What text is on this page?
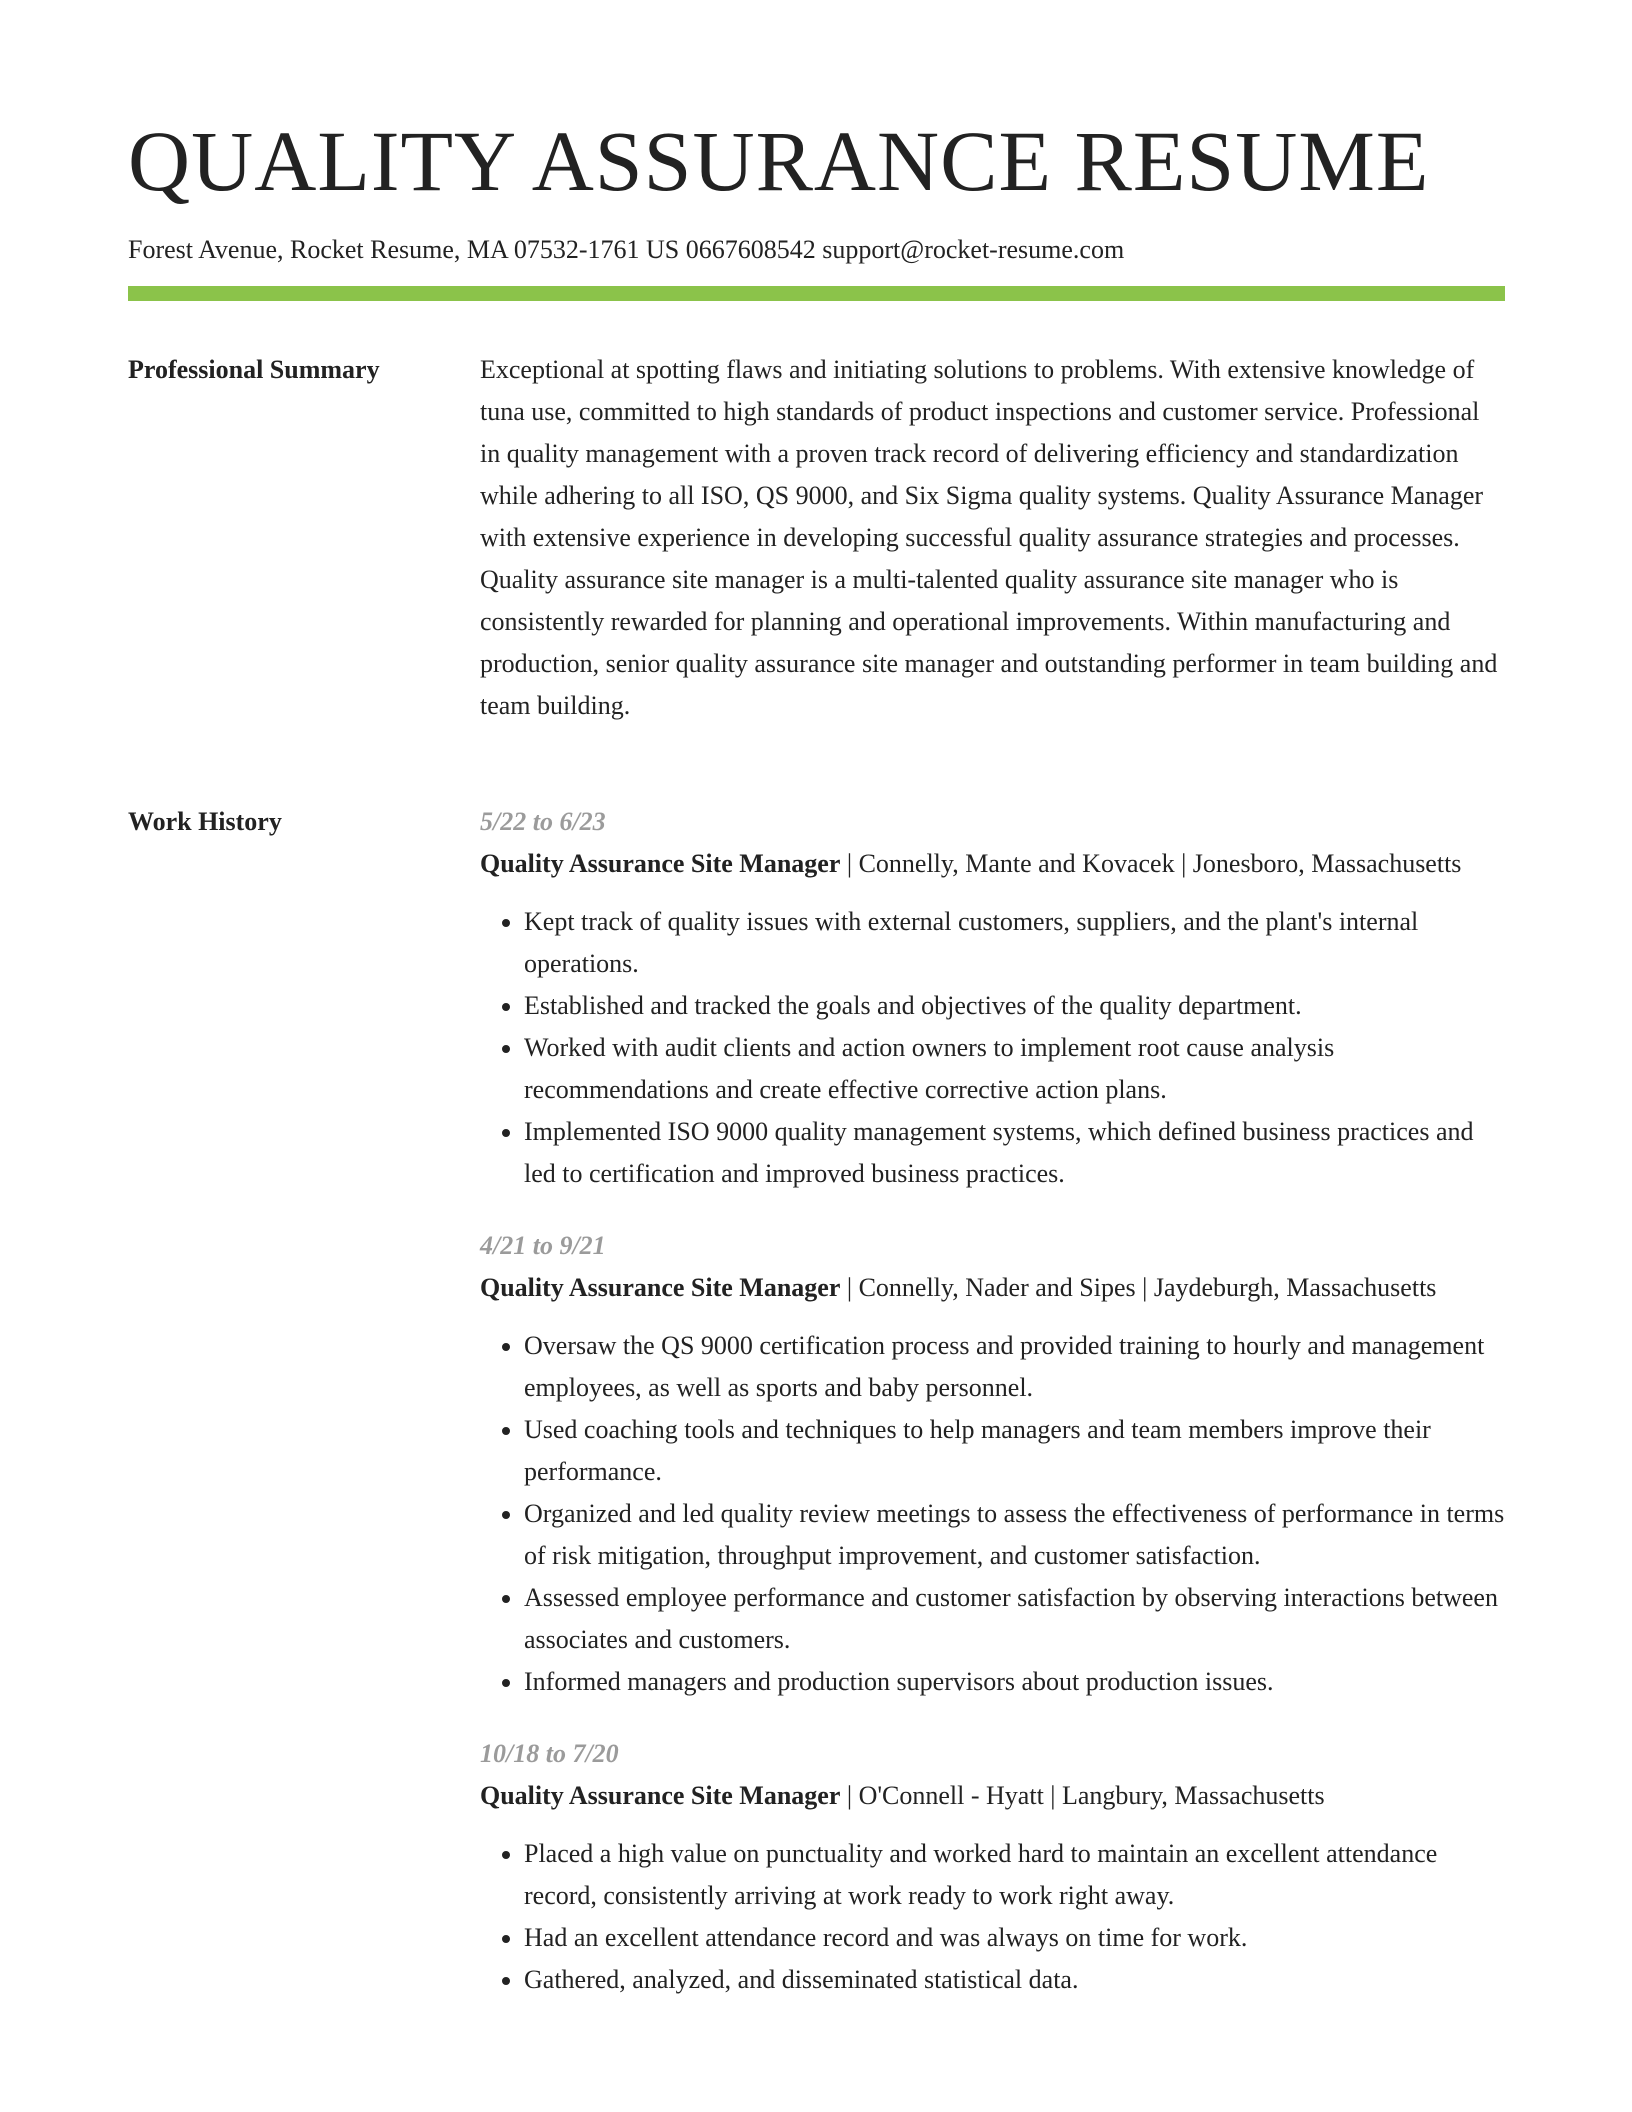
QUALITY ASSURANCE RESUME
Forest Avenue, Rocket Resume, MA 07532-1761 US 0667608542 support@rocket-resume.com
Professional Summary	Exceptional at spotting flaws and initiating solutions to problems. With extensive knowledge of tuna use, committed to high standards of product inspections and customer service. Professional in quality management with a proven track record of delivering efficiency and standardization while adhering to all ISO, QS 9000, and Six Sigma quality systems. Quality Assurance Manager with extensive experience in developing successful quality assurance strategies and processes. Quality assurance site manager is a multi-talented quality assurance site manager who is consistently rewarded for planning and operational improvements. Within manufacturing and production, senior quality assurance site manager and outstanding performer in team building and team building.

Work History	5/22 to 6/23
Quality Assurance Site Manager | Connelly, Mante and Kovacek | Jonesboro, Massachusetts
• Kept track of quality issues with external customers, suppliers, and the plant's internal operations.
• Established and tracked the goals and objectives of the quality department.
• Worked with audit clients and action owners to implement root cause analysis recommendations and create effective corrective action plans.
• Implemented ISO 9000 quality management systems, which defined business practices and led to certification and improved business practices.
4/21 to 9/21
Quality Assurance Site Manager | Connelly, Nader and Sipes | Jaydeburgh, Massachusetts
• Oversaw the QS 9000 certification process and provided training to hourly and management employees, as well as sports and baby personnel.
• Used coaching tools and techniques to help managers and team members improve their performance.
• Organized and led quality review meetings to assess the effectiveness of performance in terms of risk mitigation, throughput improvement, and customer satisfaction.
• Assessed employee performance and customer satisfaction by observing interactions between associates and customers.
• Informed managers and production supervisors about production issues.
10/18 to 7/20
Quality Assurance Site Manager | O'Connell - Hyatt | Langbury, Massachusetts
• Placed a high value on punctuality and worked hard to maintain an excellent attendance record, consistently arriving at work ready to work right away.
• Had an excellent attendance record and was always on time for work.
• Gathered, analyzed, and disseminated statistical data.
